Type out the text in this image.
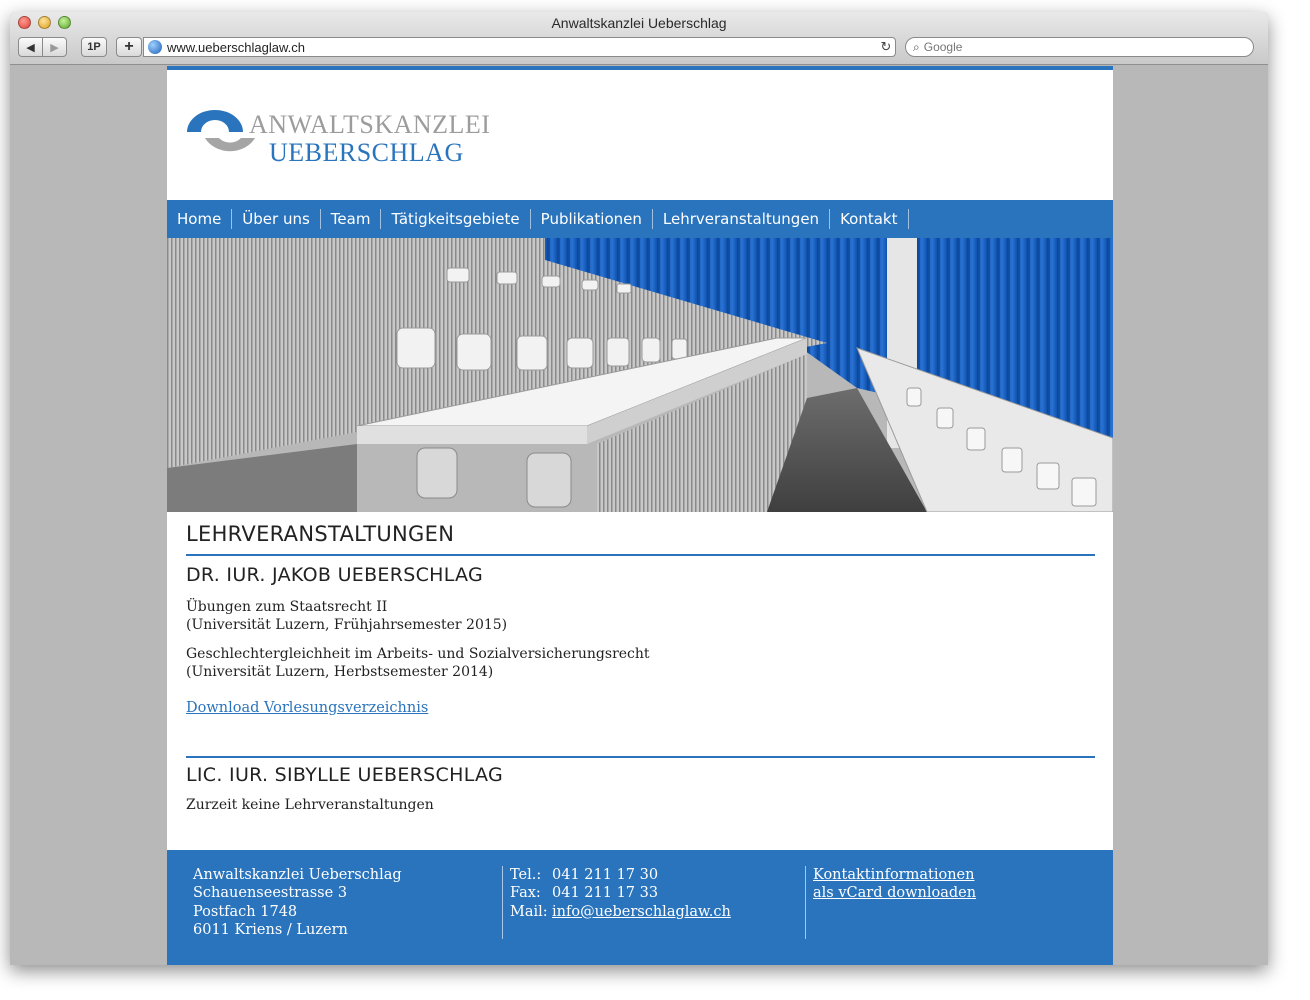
Anwaltskanzlei Ueberschlag
◀ ▶	1P	+	www.ueberschlaglaw.ch	↻ ⌕ Google
ANWALTSKANZLEI
UEBERSCHLAG
Home	Über uns	Team	Tätigkeitsgebiete	Publikationen	Lehrveranstaltungen	Kontakt
LEHRVERANSTALTUNGEN
DR. IUR. JAKOB UEBERSCHLAG
Übungen zum Staatsrecht II
(Universität Luzern, Frühjahrsemester 2015)
Geschlechtergleichheit im Arbeits- und Sozialversicherungsrecht
(Universität Luzern, Herbstsemester 2014)
Download Vorlesungsverzeichnis
LIC. IUR. SIBYLLE UEBERSCHLAG
Zurzeit keine Lehrveranstaltungen
Anwaltskanzlei Ueberschlag
Schauenseestrasse 3
Postfach 1748
6011 Kriens / Luzern
Tel.: 041 211 17 30
Fax: 041 211 17 33
Mail: info@ueberschlaglaw.ch
Kontaktinformationen
als vCard downloaden
